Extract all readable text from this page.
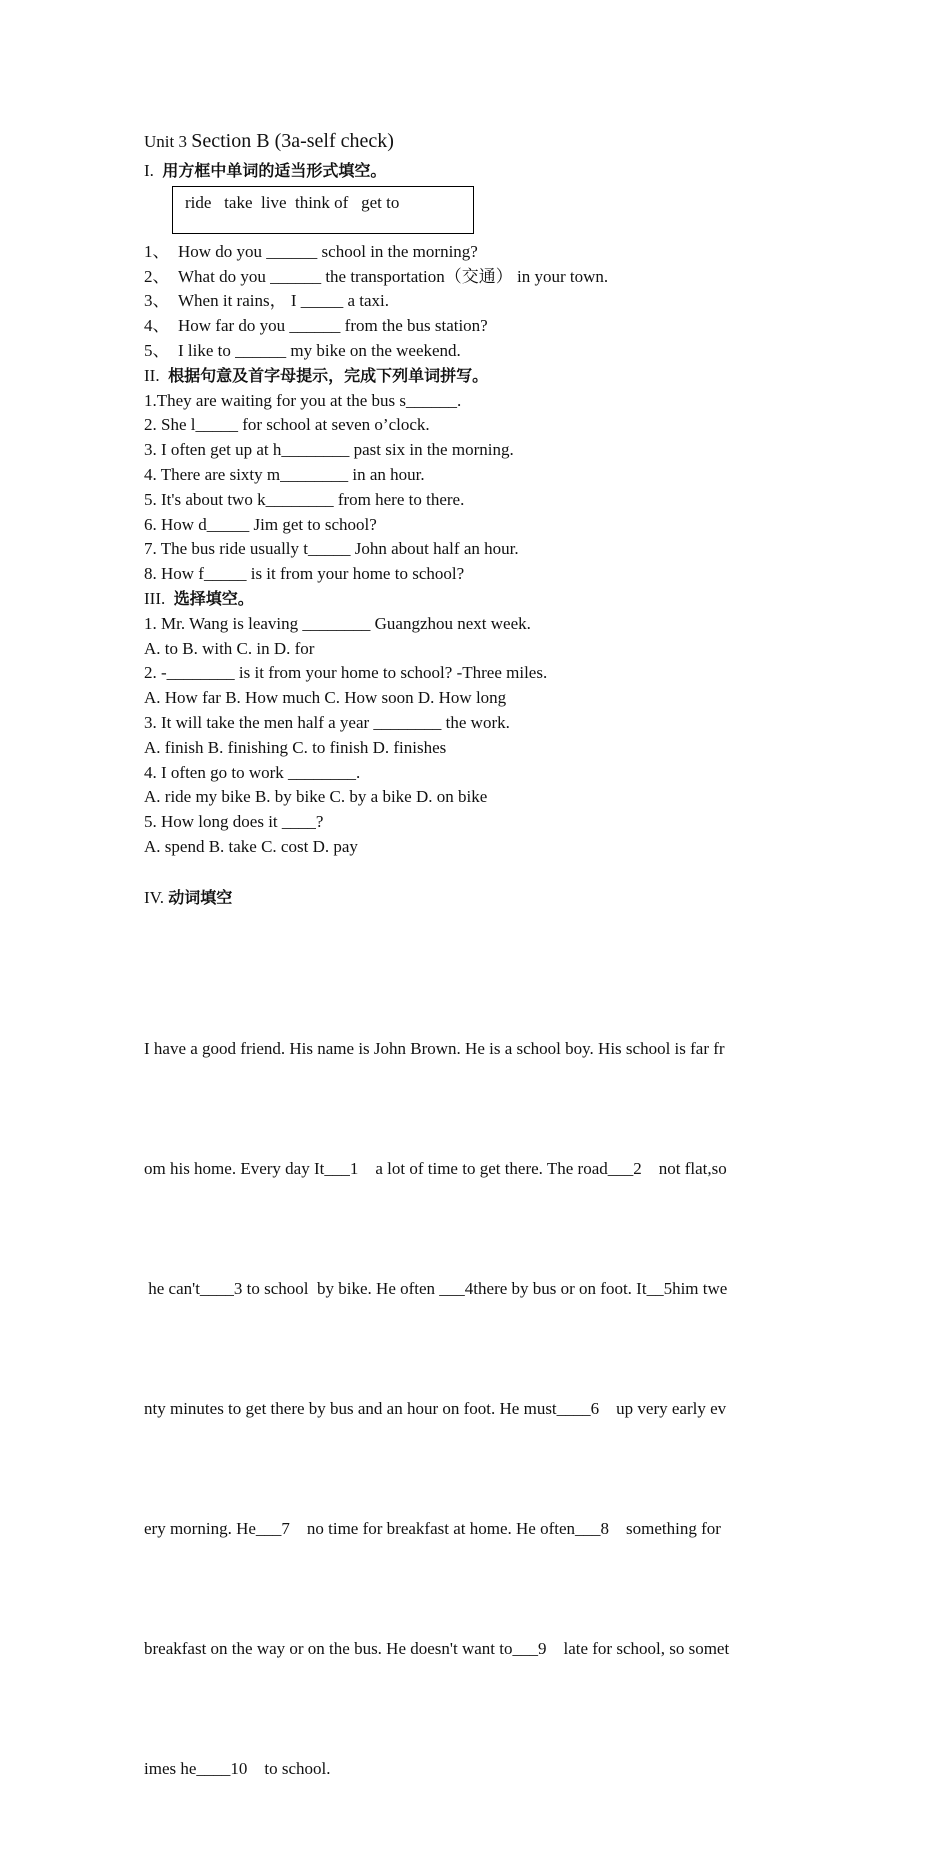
Unit 3 Section B (3a-self check)
I. 用方框中单词的适当形式填空。
ride   take  live  think of   get to
1、  How do you ______ school in the morning?
2、  What do you ______ the transportation（交通） in your town.
3、  When it rains， I _____ a taxi.
4、  How far do you ______ from the bus station?
5、  I like to ______ my bike on the weekend.
II. 根据句意及首字母提示，完成下列单词拼写。
1.They are waiting for you at the bus s______.
2. She l_____ for school at seven o’clock.
3. I often get up at h________ past six in the morning.
4. There are sixty m________ in an hour.
5. It's about two k________ from here to there.
6. How d_____ Jim get to school?
7. The bus ride usually t_____ John about half an hour.
8. How f_____ is it from your home to school?
III. 选择填空。
1. Mr. Wang is leaving ________ Guangzhou next week.
A. to B. with C. in D. for
2. -________ is it from your home to school? -Three miles.
A. How far B. How much C. How soon D. How long
3. It will take the men half a year ________ the work.
A. finish B. finishing C. to finish D. finishes
4. I often go to work ________.
A. ride my bike B. by bike C. by a bike D. on bike
5. How long does it ____?
A. spend B. take C. cost D. pay
IV. 动词填空

I have a good friend. His name is John Brown. He is a school boy. His school is far fr

om his home. Every day It___1    a lot of time to get there. The road___2    not flat,so

he can't____3 to school  by bike. He often ___4there by bus or on foot. It__5him twe

nty minutes to get there by bus and an hour on foot. He must____6    up very early ev

ery morning. He___7    no time for breakfast at home. He often___8    something for

breakfast on the way or on the bus. He doesn't want to___9    late for school, so somet

imes he____10    to school.
